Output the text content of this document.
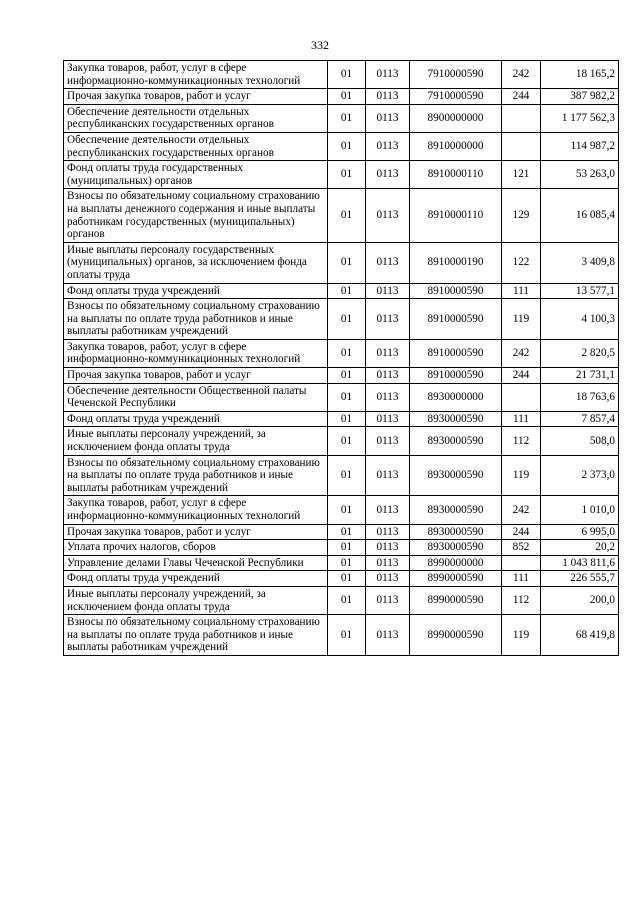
332
Закупка товаров, работ, услуг в сфере информационно-коммуникационных технологий	01	0113	7910000590	242	18 165,2
Прочая закупка товаров, работ и услуг	01	0113	7910000590	244	387 982,2
Обеспечение деятельности отдельных республиканских государственных органов	01	0113	8900000000		1 177 562,3
Обеспечение деятельности отдельных республиканских государственных органов	01	0113	8910000000		114 987,2
Фонд оплаты труда государственных (муниципальных) органов	01	0113	8910000110	121	53 263,0
Взносы по обязательному социальному страхованию на выплаты денежного содержания и иные выплаты работникам государственных (муниципальных) органов	01	0113	8910000110	129	16 085,4
Иные выплаты персоналу государственных (муниципальных) органов, за исключением фонда оплаты труда	01	0113	8910000190	122	3 409,8
Фонд оплаты труда учреждений	01	0113	8910000590	111	13 577,1
Взносы по обязательному социальному страхованию на выплаты по оплате труда работников и иные выплаты работникам учреждений	01	0113	8910000590	119	4 100,3
Закупка товаров, работ, услуг в сфере информационно-коммуникационных технологий	01	0113	8910000590	242	2 820,5
Прочая закупка товаров, работ и услуг	01	0113	8910000590	244	21 731,1
Обеспечение деятельности Общественной палаты Чеченской Республики	01	0113	8930000000		18 763,6
Фонд оплаты труда учреждений	01	0113	8930000590	111	7 857,4
Иные выплаты персоналу учреждений, за исключением фонда оплаты труда	01	0113	8930000590	112	508,0
Взносы по обязательному социальному страхованию на выплаты по оплате труда работников и иные выплаты работникам учреждений	01	0113	8930000590	119	2 373,0
Закупка товаров, работ, услуг в сфере информационно-коммуникационных технологий	01	0113	8930000590	242	1 010,0
Прочая закупка товаров, работ и услуг	01	0113	8930000590	244	6 995,0
Уплата прочих налогов, сборов	01	0113	8930000590	852	20,2
Управление делами Главы Чеченской Республики	01	0113	8990000000		1 043 811,6
Фонд оплаты труда учреждений	01	0113	8990000590	111	226 555,7
Иные выплаты персоналу учреждений, за исключением фонда оплаты труда	01	0113	8990000590	112	200,0
Взносы по обязательному социальному страхованию на выплаты по оплате труда работников и иные выплаты работникам учреждений	01	0113	8990000590	119	68 419,8
